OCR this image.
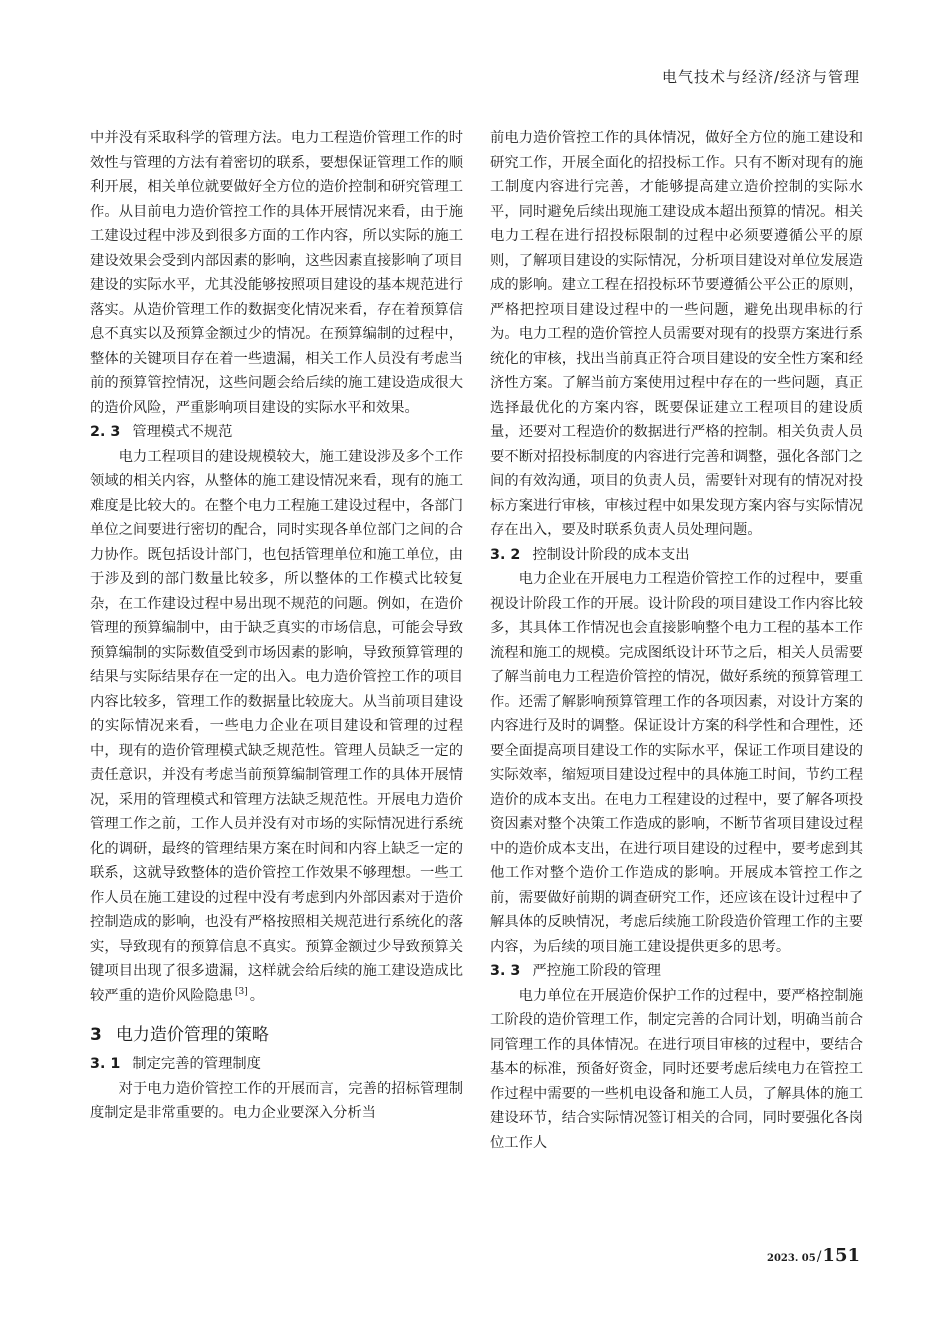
电气技术与经济/经济与管理

中并没有采取科学的管理方法。电力工程造价管理工作的时效性与管理的方法有着密切的联系，要想保证管理工作的顺利开展，相关单位就要做好全方位的造价控制和研究管理工作。从目前电力造价管控工作的具体开展情况来看，由于施工建设过程中涉及到很多方面的工作内容，所以实际的施工建设效果会受到内部因素的影响，这些因素直接影响了项目建设的实际水平，尤其没能够按照项目建设的基本规范进行落实。从造价管理工作的数据变化情况来看，存在着预算信息不真实以及预算金额过少的情况。在预算编制的过程中，整体的关键项目存在着一些遗漏，相关工作人员没有考虑当前的预算管控情况，这些问题会给后续的施工建设造成很大的造价风险，严重影响项目建设的实际水平和效果。

2. 3 管理模式不规范

电力工程项目的建设规模较大，施工建设涉及多个工作领域的相关内容，从整体的施工建设情况来看，现有的施工难度是比较大的。在整个电力工程施工建设过程中，各部门单位之间要进行密切的配合，同时实现各单位部门之间的合力协作。既包括设计部门，也包括管理单位和施工单位，由于涉及到的部门数量比较多，所以整体的工作模式比较复杂，在工作建设过程中易出现不规范的问题。例如，在造价管理的预算编制中，由于缺乏真实的市场信息，可能会导致预算编制的实际数值受到市场因素的影响，导致预算管理的结果与实际结果存在一定的出入。电力造价管控工作的项目内容比较多，管理工作的数据量比较庞大。从当前项目建设的实际情况来看，一些电力企业在项目建设和管理的过程中，现有的造价管理模式缺乏规范性。管理人员缺乏一定的责任意识，并没有考虑当前预算编制管理工作的具体开展情况，采用的管理模式和管理方法缺乏规范性。开展电力造价管理工作之前，工作人员并没有对市场的实际情况进行系统化的调研，最终的管理结果方案在时间和内容上缺乏一定的联系，这就导致整体的造价管控工作效果不够理想。一些工作人员在施工建设的过程中没有考虑到内外部因素对于造价控制造成的影响，也没有严格按照相关规范进行系统化的落实，导致现有的预算信息不真实。预算金额过少导致预算关键项目出现了很多遗漏，这样就会给后续的施工建设造成比较严重的造价风险隐患 [3] 。

3 电力造价管理的策略
3. 1 制定完善的管理制度

对于电力造价管控工作的开展而言，完善的招标管理制度制定是非常重要的。电力企业要深入分析当

前电力造价管控工作的具体情况，做好全方位的施工建设和研究工作，开展全面化的招投标工作。只有不断对现有的施工制度内容进行完善，才能够提高建立造价控制的实际水平，同时避免后续出现施工建设成本超出预算的情况。相关电力工程在进行招投标限制的过程中必须要遵循公平的原则，了解项目建设的实际情况，分析项目建设对单位发展造成的影响。建立工程在招投标环节要遵循公平公正的原则，严格把控项目建设过程中的一些问题，避免出现串标的行为。电力工程的造价管控人员需要对现有的投票方案进行系统化的审核，找出当前真正符合项目建设的安全性方案和经济性方案。了解当前方案使用过程中存在的一些问题，真正选择最优化的方案内容，既要保证建立工程项目的建设质量，还要对工程造价的数据进行严格的控制。相关负责人员要不断对招投标制度的内容进行完善和调整，强化各部门之间的有效沟通，项目的负责人员，需要针对现有的情况对投标方案进行审核，审核过程中如果发现方案内容与实际情况存在出入，要及时联系负责人员处理问题。

3. 2 控制设计阶段的成本支出

电力企业在开展电力工程造价管控工作的过程中，要重视设计阶段工作的开展。设计阶段的项目建设工作内容比较多，其具体工作情况也会直接影响整个电力工程的基本工作流程和施工的规模。完成图纸设计环节之后，相关人员需要了解当前电力工程造价管控的情况，做好系统的预算管理工作。还需了解影响预算管理工作的各项因素，对设计方案的内容进行及时的调整。保证设计方案的科学性和合理性，还要全面提高项目建设工作的实际水平，保证工作项目建设的实际效率，缩短项目建设过程中的具体施工时间，节约工程造价的成本支出。在电力工程建设的过程中，要了解各项投资因素对整个决策工作造成的影响，不断节省项目建设过程中的造价成本支出，在进行项目建设的过程中，要考虑到其他工作对整个造价工作造成的影响。开展成本管控工作之前，需要做好前期的调查研究工作，还应该在设计过程中了解具体的反映情况，考虑后续施工阶段造价管理工作的主要内容，为后续的项目施工建设提供更多的思考。

3. 3 严控施工阶段的管理

电力单位在开展造价保护工作的过程中，要严格控制施工阶段的造价管理工作，制定完善的合同计划，明确当前合同管理工作的具体情况。在进行项目审核的过程中，要结合基本的标准，预备好资金，同时还要考虑后续电力在管控工作过程中需要的一些机电设备和施工人员，了解具体的施工建设环节，结合实际情况签订相关的合同，同时要强化各岗位工作人

2023. 05/151
